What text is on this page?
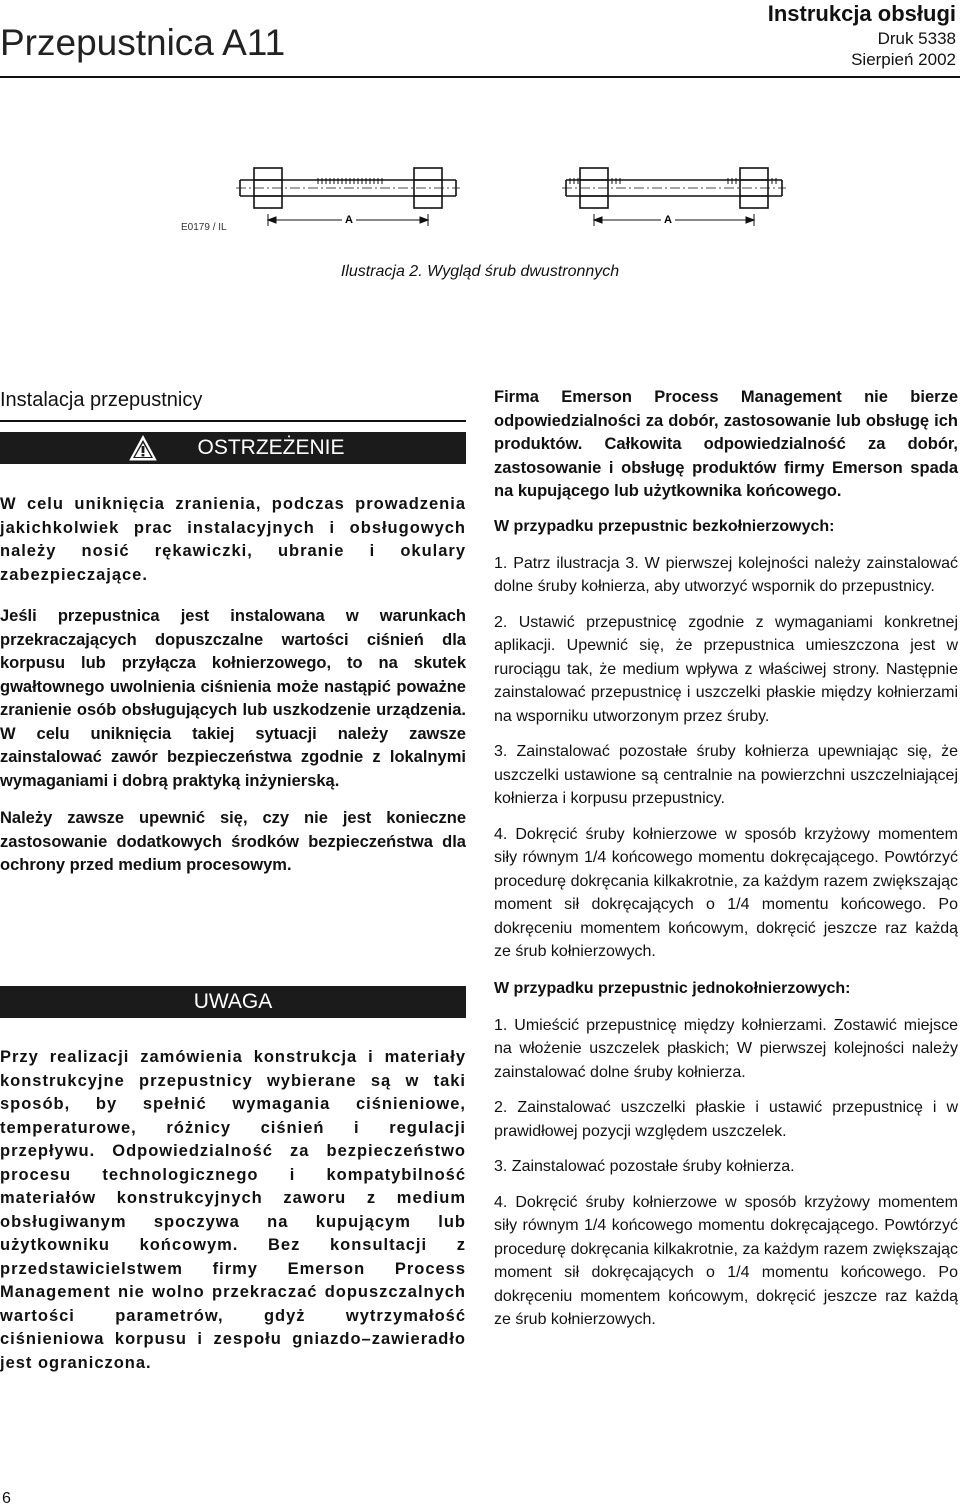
Przepustnica A11
Instrukcja obsługi
Druk 5338
Sierpień 2002
E0179 / IL
A	A
Ilustracja 2. Wygląd śrub dwustronnych
Instalacja przepustnicy
OSTRZEŻENIE

W celu uniknięcia zranienia, podczas prowadzenia jakichkolwiek prac instalacyjnych i obsługowych należy nosić rękawiczki, ubranie i okulary zabezpieczające.

Jeśli przepustnica jest instalowana w warunkach przekraczających dopuszczalne wartości ciśnień dla korpusu lub przyłącza kołnierzowego, to na skutek gwałtownego uwolnienia ciśnienia może nastąpić poważne zranienie osób obsługujących lub uszkodzenie urządzenia. W celu uniknięcia takiej sytuacji należy zawsze zainstalować zawór bezpieczeństwa zgodnie z lokalnymi wymaganiami i dobrą praktyką inżynierską.

Należy zawsze upewnić się, czy nie jest konieczne zastosowanie dodatkowych środków bezpieczeństwa dla ochrony przed medium procesowym.

UWAGA

Przy realizacji zamówienia konstrukcja i materiały konstrukcyjne przepustnicy wybierane są w taki sposób, by spełnić wymagania ciśnieniowe, temperaturowe, różnicy ciśnień i regulacji przepływu. Odpowiedzialność za bezpieczeństwo procesu technologicznego i kompatybilność materiałów konstrukcyjnych zaworu z medium obsługiwanym spoczywa na kupującym lub użytkowniku końcowym. Bez konsultacji z przedstawicielstwem firmy Emerson Process Management nie wolno przekraczać dopuszczalnych wartości parametrów, gdyż wytrzymałość ciśnieniowa korpusu i zespołu gniazdo–zawieradło jest ograniczona.

Firma Emerson Process Management nie bierze odpowiedzialności za dobór, zastosowanie lub obsługę ich produktów. Całkowita odpowiedzialność za dobór, zastosowanie i obsługę produktów firmy Emerson spada na kupującego lub użytkownika końcowego.

W przypadku przepustnic bezkołnierzowych:

1. Patrz ilustracja 3. W pierwszej kolejności należy zainstalować dolne śruby kołnierza, aby utworzyć wspornik do przepustnicy.

2. Ustawić przepustnicę zgodnie z wymaganiami konkretnej aplikacji. Upewnić się, że przepustnica umieszczona jest w rurociągu tak, że medium wpływa z właściwej strony. Następnie zainstalować przepustnicę i uszczelki płaskie między kołnierzami na wsporniku utworzonym przez śruby.

3. Zainstalować pozostałe śruby kołnierza upewniając się, że uszczelki ustawione są centralnie na powierzchni uszczelniającej kołnierza i korpusu przepustnicy.

4. Dokręcić śruby kołnierzowe w sposób krzyżowy momentem siły równym 1/4 końcowego momentu dokręcającego. Powtórzyć procedurę dokręcania kilkakrotnie, za każdym razem zwiększając moment sił dokręcających o 1/4 momentu końcowego. Po dokręceniu momentem końcowym, dokręcić jeszcze raz każdą ze śrub kołnierzowych.

W przypadku przepustnic jednokołnierzowych:

1. Umieścić przepustnicę między kołnierzami. Zostawić miejsce na włożenie uszczelek płaskich; W pierwszej kolejności należy zainstalować dolne śruby kołnierza.

2. Zainstalować uszczelki płaskie i ustawić przepustnicę i w prawidłowej pozycji względem uszczelek.

3. Zainstalować pozostałe śruby kołnierza.

4. Dokręcić śruby kołnierzowe w sposób krzyżowy momentem siły równym 1/4 końcowego momentu dokręcającego. Powtórzyć procedurę dokręcania kilkakrotnie, za każdym razem zwiększając moment sił dokręcających o 1/4 momentu końcowego. Po dokręceniu momentem końcowym, dokręcić jeszcze raz każdą ze śrub kołnierzowych.

6
